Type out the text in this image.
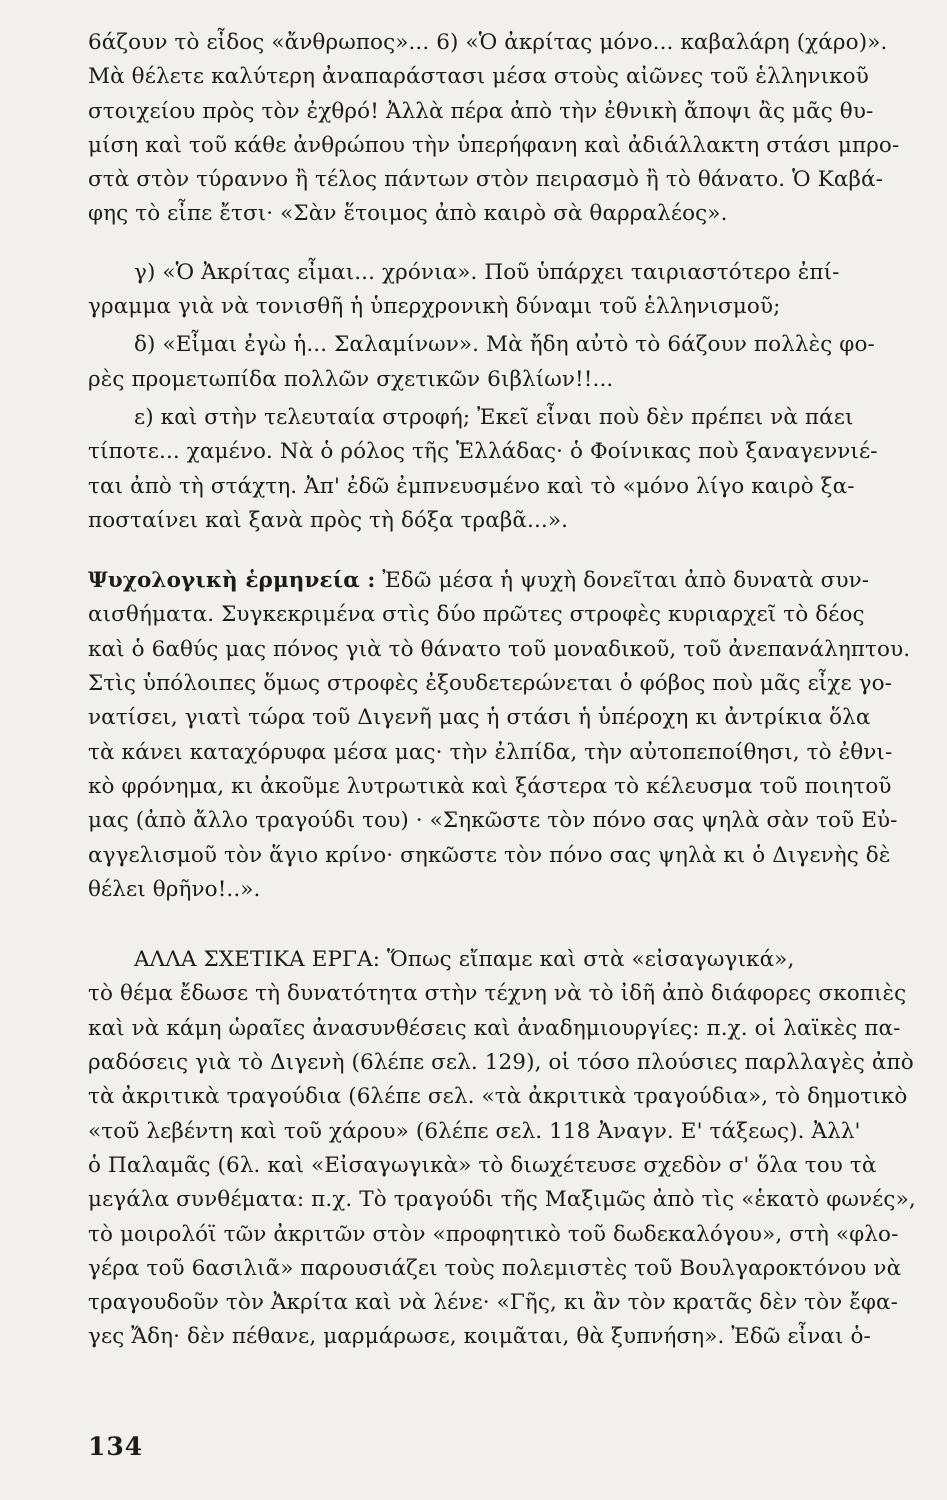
6άζουν τὸ εἶδος «ἄνθρωπος»... 6) «Ὁ ἀκρίτας μόνο... καβαλάρη (χάρο)».
Μὰ θέλετε καλύτερη ἀναπαράστασι μέσα στοὺς αἰῶνες τοῦ ἑλληνικοῦ
στοιχείου πρὸς τὸν ἐχθρό! Ἀλλὰ πέρα ἀπὸ τὴν ἐθνικὴ ἄποψι ἂς μᾶς θυ-
μίση καὶ τοῦ κάθε ἀνθρώπου τὴν ὑπερήφανη καὶ ἀδιάλλακτη στάσι μπρο-
στὰ στὸν τύραννο ἢ τέλος πάντων στὸν πειρασμὸ ἢ τὸ θάνατο. Ὁ Καβά-
φης τὸ εἶπε ἔτσι· «Σὰν ἕτοιμος ἀπὸ καιρὸ σὰ θαρραλέος».
γ) «Ὁ Ἀκρίτας εἶμαι... χρόνια». Ποῦ ὑπάρχει ταιριαστότερο ἐπί-
γραμμα γιὰ νὰ τονισθῆ ἡ ὑπερχρονικὴ δύναμι τοῦ ἑλληνισμοῦ;
δ) «Εἶμαι ἐγὼ ἡ... Σαλαμίνων». Μὰ ἤδη αὐτὸ τὸ 6άζουν πολλὲς φο-
ρὲς προμετωπίδα πολλῶν σχετικῶν 6ιβλίων!!...
ε) καὶ στὴν τελευταία στροφή; Ἐκεῖ εἶναι ποὺ δὲν πρέπει νὰ πάει
τίποτε... χαμένο. Νὰ ὁ ρόλος τῆς Ἑλλάδας· ὁ Φοίνικας ποὺ ξαναγεννιέ-
ται ἀπὸ τὴ στάχτη. Ἀπ' ἐδῶ ἐμπνευσμένο καὶ τὸ «μόνο λίγο καιρὸ ξα-
ποσταίνει καὶ ξανὰ πρὸς τὴ δόξα τραβᾶ...».
Ψυχολογικὴ ἑρμηνεία : Ἐδῶ μέσα ἡ ψυχὴ δονεῖται ἀπὸ δυνατὰ συν-
αισθήματα. Συγκεκριμένα στὶς δύο πρῶτες στροφὲς κυριαρχεῖ τὸ δέος
καὶ ὁ 6αθύς μας πόνος γιὰ τὸ θάνατο τοῦ μοναδικοῦ, τοῦ ἀνεπανάληπτου.
Στὶς ὑπόλοιπες ὅμως στροφὲς ἐξουδετερώνεται ὁ φόβος ποὺ μᾶς εἶχε γο-
νατίσει, γιατὶ τώρα τοῦ Διγενῆ μας ἡ στάσι ἡ ὑπέροχη κι ἀντρίκια ὅλα
τὰ κάνει καταχόρυφα μέσα μας· τὴν ἐλπίδα, τὴν αὐτοπεποίθησι, τὸ ἐθνι-
κὸ φρόνημα, κι ἀκοῦμε λυτρωτικὰ καὶ ξάστερα τὸ κέλευσμα τοῦ ποιητοῦ
μας (ἀπὸ ἄλλο τραγούδι του) · «Σηκῶστε τὸν πόνο σας ψηλὰ σὰν τοῦ Εὐ-
αγγελισμοῦ τὸν ἅγιο κρίνο· σηκῶστε τὸν πόνο σας ψηλὰ κι ὁ Διγενὴς δὲ
θέλει θρῆνο!..».
ΑΛΛΑ ΣΧΕΤΙΚΑ ΕΡΓΑ: Ὅπως εἴπαμε καὶ στὰ «εἰσαγωγικά»,
τὸ θέμα ἔδωσε τὴ δυνατότητα στὴν τέχνη νὰ τὸ ἰδῆ ἀπὸ διάφορες σκοπιὲς
καὶ νὰ κάμη ὡραῖες ἀνασυνθέσεις καὶ ἀναδημιουργίες: π.χ. οἱ λαϊκὲς πα-
ραδόσεις γιὰ τὸ Διγενὴ (6λέπε σελ. 129), οἱ τόσο πλούσιες παρλλαγὲς ἀπὸ
τὰ ἀκριτικὰ τραγούδια (6λέπε σελ. «τὰ ἀκριτικὰ τραγούδια», τὸ δημοτικὸ
«τοῦ λεβέντη καὶ τοῦ χάρου» (6λέπε σελ. 118 Ἀναγν. Ε' τάξεως). Ἀλλ'
ὁ Παλαμᾶς (6λ. καὶ «Εἰσαγωγικὰ» τὸ διωχέτευσε σχεδὸν σ' ὅλα του τὰ
μεγάλα συνθέματα: π.χ. Τὸ τραγούδι τῆς Μαξιμῶς ἀπὸ τὶς «ἑκατὸ φωνές»,
τὸ μοιρολόϊ τῶν ἀκριτῶν στὸν «προφητικὸ τοῦ δωδεκαλόγου», στὴ «φλο-
γέρα τοῦ 6ασιλιᾶ» παρουσιάζει τοὺς πολεμιστὲς τοῦ Βουλγαροκτόνου νὰ
τραγουδοῦν τὸν Ἀκρίτα καὶ νὰ λένε· «Γῆς, κι ἂν τὸν κρατᾶς δὲν τὸν ἔφα-
γες Ἄδη· δὲν πέθανε, μαρμάρωσε, κοιμᾶται, θὰ ξυπνήση». Ἐδῶ εἶναι ὁ-
134
